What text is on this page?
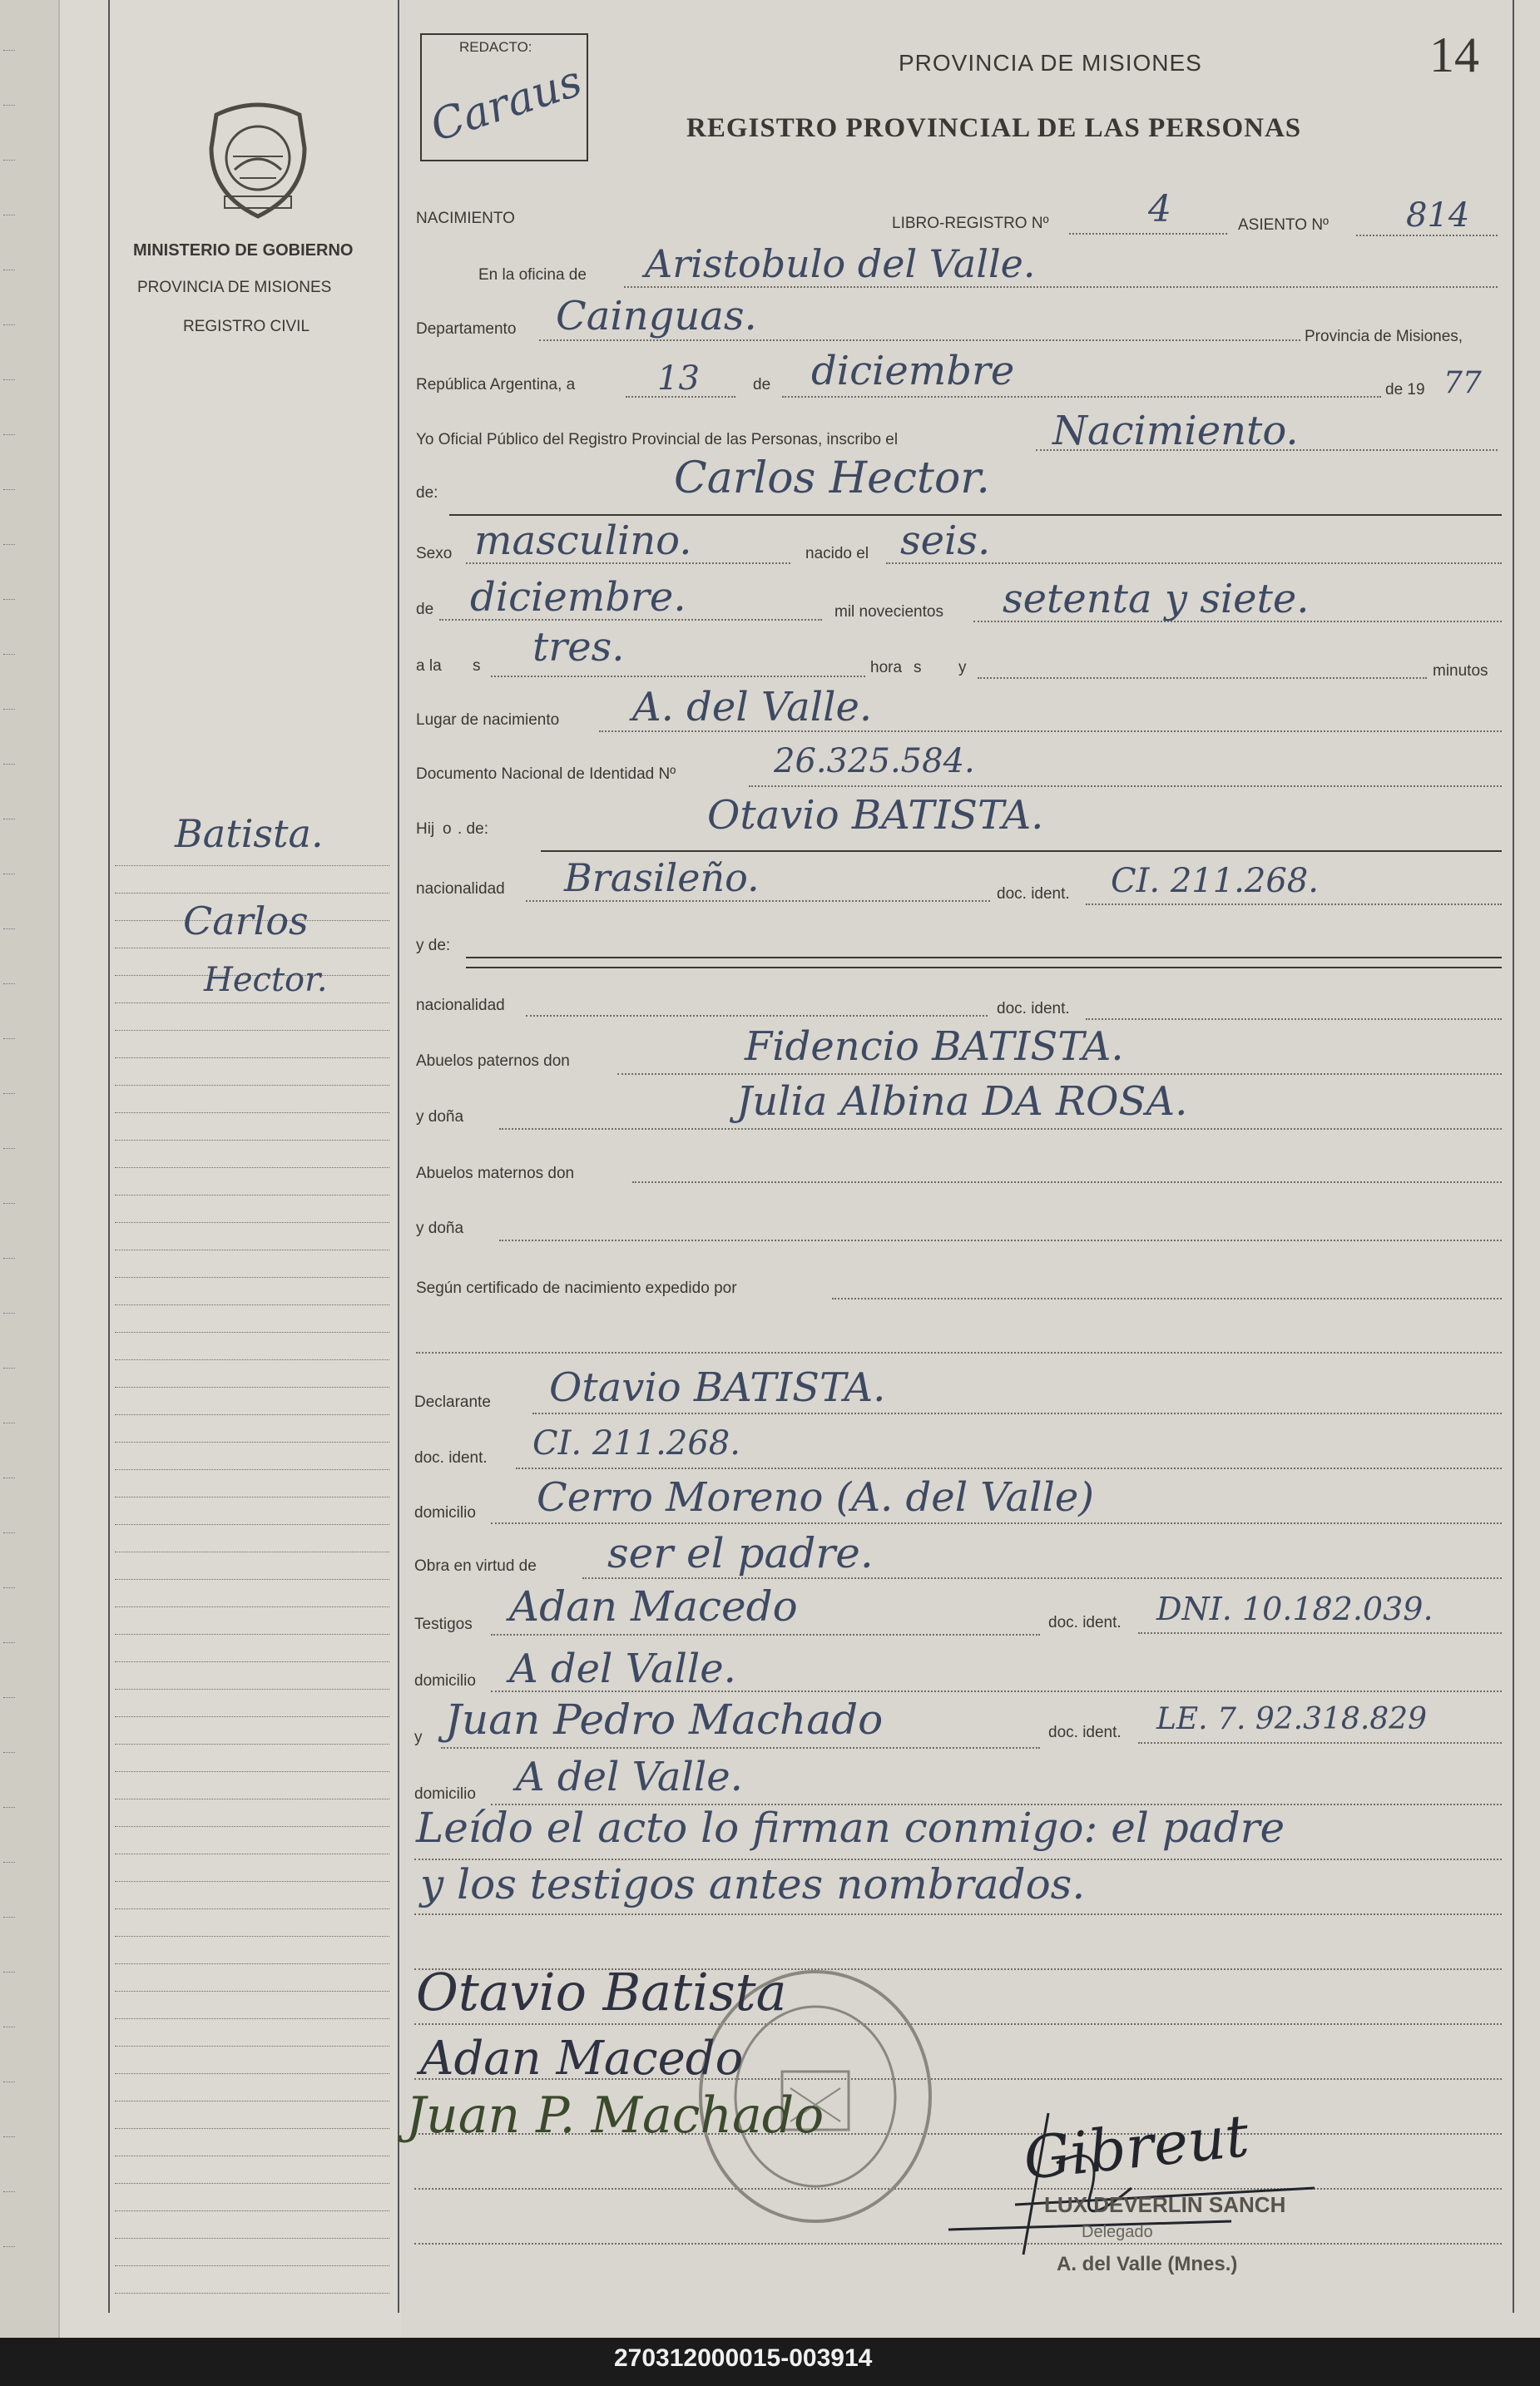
MINISTERIO DE GOBIERNO
PROVINCIA DE MISIONES
REGISTRO CIVIL
Batista.
Carlos
Hector.
REDACTO:
Caraus	PROVINCIA DE MISIONES
REGISTRO PROVINCIAL DE LAS PERSONAS
14
NACIMIENTO	LIBRO-REGISTRO Nº	4	ASIENTO Nº 814
En la oficina de Aristobulo del Valle.
Departamento Cainguas.	Provincia de Misiones,
República Argentina, a 13	de diciembre	de 19 77
Yo Oficial Público del Registro Provincial de las Personas, inscribo el	Nacimiento.
de:	Carlos Hector.
Sexo masculino.	nacido el seis.
de diciembre.	mil novecientos setenta y siete.
a la s tres.	hora s y	minutos
Lugar de nacimiento A. del Valle.
Documento Nacional de Identidad Nº	26.325.584.
Hij o . de:	Otavio BATISTA.
nacionalidad Brasileño.	doc. ident. CI. 211.268.
y de:
nacionalidad	doc. ident.
Abuelos paternos don	Fidencio BATISTA.
y doña	Julia Albina DA ROSA.
Abuelos maternos don
y doña
Según certificado de nacimiento expedido por
Declarante Otavio BATISTA.
doc. ident. CI. 211.268.
domicilio Cerro Moreno (A. del Valle)
Obra en virtud de ser el padre.
Testigos Adan Macedo	doc. ident. DNI. 10.182.039.
domicilio A del Valle.
y Juan Pedro Machado	doc. ident. LE. 7. 92.318.829
domicilio A del Valle.
Leído el acto lo firman conmigo: el padre
y los testigos antes nombrados.
Otavio Batista
Adan Macedo
Juan P. Machado	Gibreut
LUX DEVERLIN SANCH
Delegado
A. del Valle (Mnes.)
270312000015-003914
